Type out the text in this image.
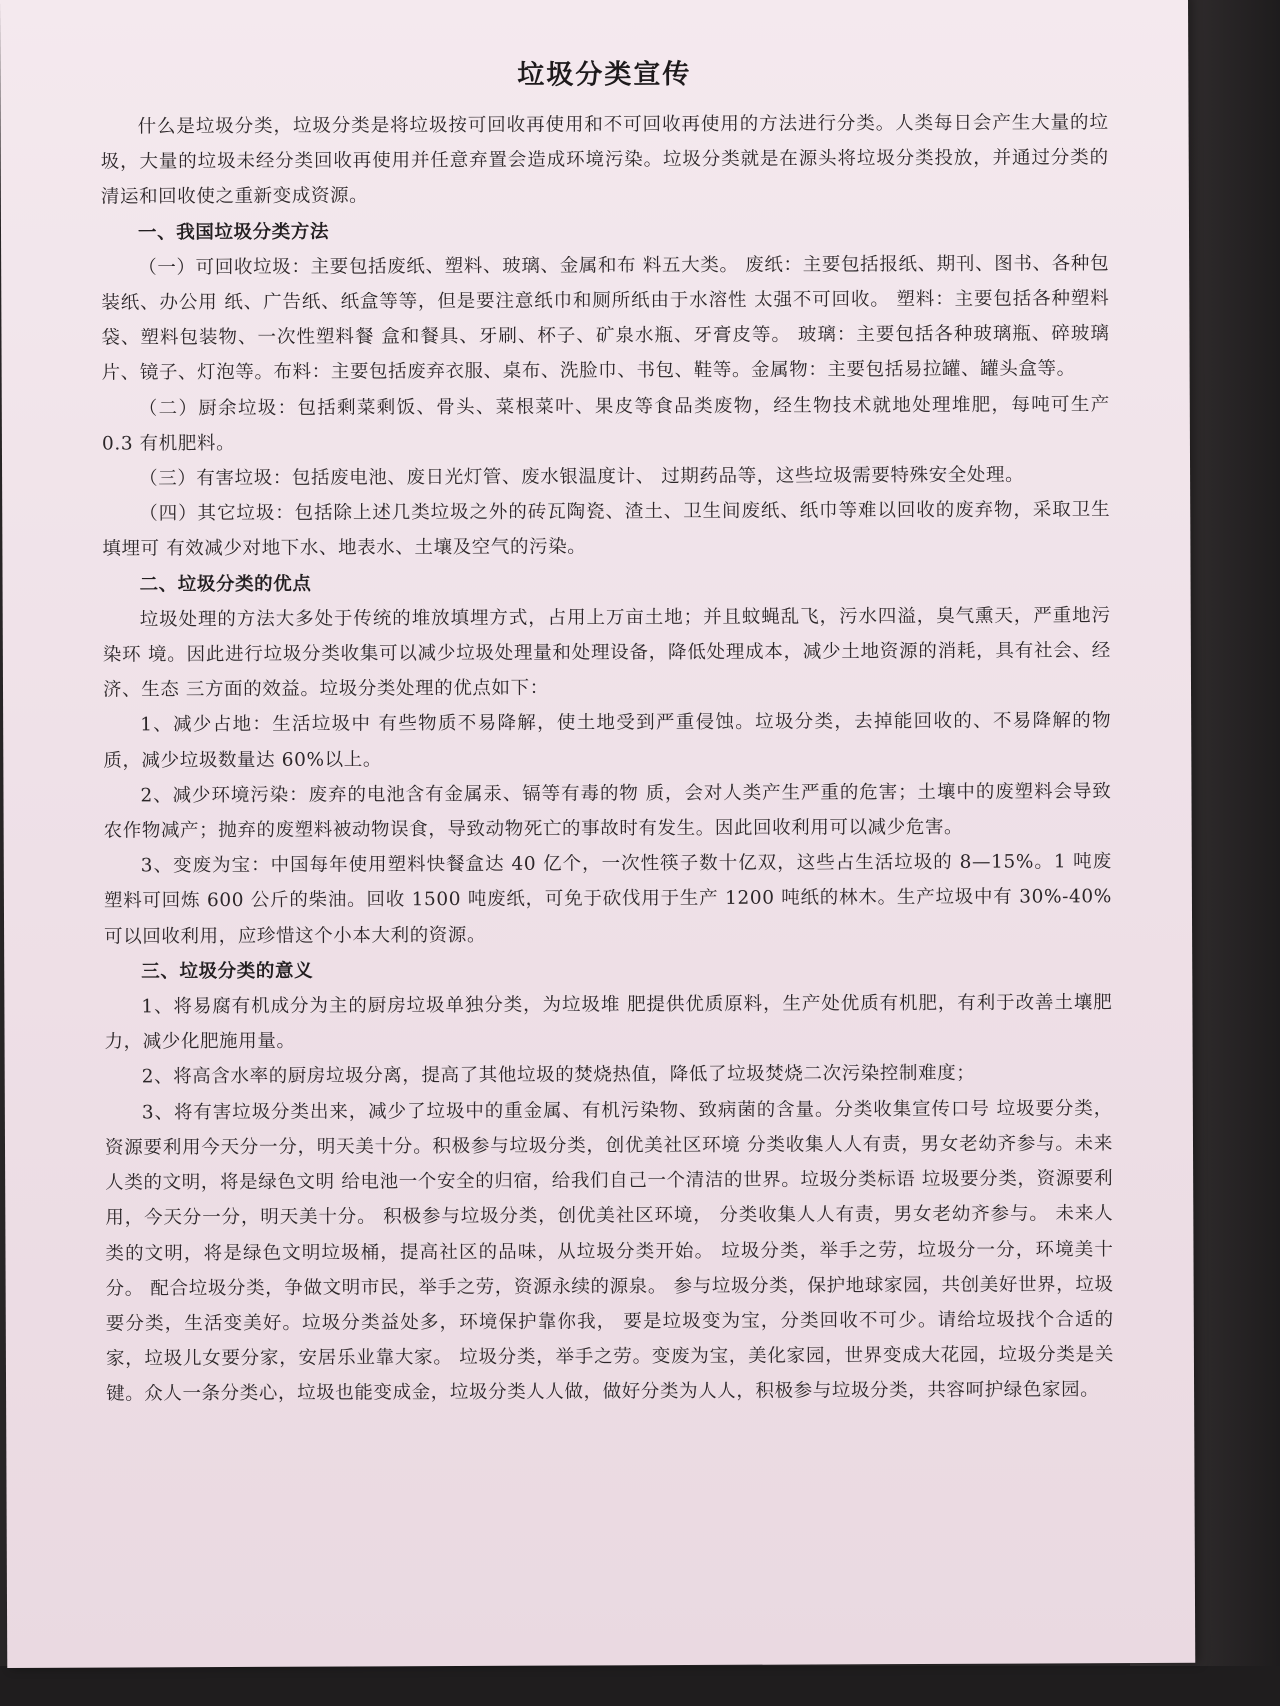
垃圾分类宣传

什么是垃圾分类，垃圾分类是将垃圾按可回收再使用和不可回收再使用的方法进行分类。人类每日会产生大量的垃圾，大量的垃圾未经分类回收再使用并任意弃置会造成环境污染。垃圾分类就是在源头将垃圾分类投放，并通过分类的清运和回收使之重新变成资源。

一、我国垃圾分类方法

（一）可回收垃圾：主要包括废纸、塑料、玻璃、金属和布 料五大类。 废纸：主要包括报纸、期刊、图书、各种包装纸、办公用 纸、广告纸、纸盒等等，但是要注意纸巾和厕所纸由于水溶性 太强不可回收。 塑料：主要包括各种塑料袋、塑料包装物、一次性塑料餐 盒和餐具、牙刷、杯子、矿泉水瓶、牙膏皮等。 玻璃：主要包括各种玻璃瓶、碎玻璃片、镜子、灯泡等。布料：主要包括废弃衣服、桌布、洗脸巾、书包、鞋等。金属物：主要包括易拉罐、罐头盒等。

（二）厨余垃圾：包括剩菜剩饭、骨头、菜根菜叶、果皮等食品类废物，经生物技术就地处理堆肥，每吨可生产 0.3 有机肥料。

（三）有害垃圾：包括废电池、废日光灯管、废水银温度计、 过期药品等，这些垃圾需要特殊安全处理。

（四）其它垃圾：包括除上述几类垃圾之外的砖瓦陶瓷、渣土、卫生间废纸、纸巾等难以回收的废弃物，采取卫生填埋可 有效减少对地下水、地表水、土壤及空气的污染。

二、垃圾分类的优点

垃圾处理的方法大多处于传统的堆放填埋方式，占用上万亩土地；并且蚊蝇乱飞，污水四溢，臭气熏天，严重地污染环 境。因此进行垃圾分类收集可以减少垃圾处理量和处理设备，降低处理成本，减少土地资源的消耗，具有社会、经济、生态 三方面的效益。垃圾分类处理的优点如下：

1、减少占地：生活垃圾中 有些物质不易降解，使土地受到严重侵蚀。垃圾分类，去掉能回收的、不易降解的物质，减少垃圾数量达 60%以上。

2、减少环境污染：废弃的电池含有金属汞、镉等有毒的物 质，会对人类产生严重的危害；土壤中的废塑料会导致农作物减产；抛弃的废塑料被动物误食，导致动物死亡的事故时有发生。因此回收利用可以减少危害。

3、变废为宝：中国每年使用塑料快餐盒达 40 亿个，一次性筷子数十亿双，这些占生活垃圾的 8—15%。1 吨废塑料可回炼 600 公斤的柴油。回收 1500 吨废纸，可免于砍伐用于生产 1200 吨纸的林木。生产垃圾中有 30%-40%可以回收利用，应珍惜这个小本大利的资源。

三、垃圾分类的意义

1、将易腐有机成分为主的厨房垃圾单独分类，为垃圾堆 肥提供优质原料，生产处优质有机肥，有利于改善土壤肥力，减少化肥施用量。

2、将高含水率的厨房垃圾分离，提高了其他垃圾的焚烧热值，降低了垃圾焚烧二次污染控制难度；

3、将有害垃圾分类出来，减少了垃圾中的重金属、有机污染物、致病菌的含量。分类收集宣传口号 垃圾要分类，资源要利用今天分一分，明天美十分。积极参与垃圾分类，创优美社区环境 分类收集人人有责，男女老幼齐参与。未来人类的文明，将是绿色文明 给电池一个安全的归宿，给我们自己一个清洁的世界。垃圾分类标语 垃圾要分类，资源要利用，今天分一分，明天美十分。 积极参与垃圾分类，创优美社区环境， 分类收集人人有责，男女老幼齐参与。 未来人类的文明，将是绿色文明垃圾桶，提高社区的品味，从垃圾分类开始。 垃圾分类，举手之劳，垃圾分一分，环境美十分。 配合垃圾分类，争做文明市民，举手之劳，资源永续的源泉。 参与垃圾分类，保护地球家园，共创美好世界，垃圾要分类，生活变美好。垃圾分类益处多，环境保护靠你我， 要是垃圾变为宝，分类回收不可少。请给垃圾找个合适的家，垃圾儿女要分家，安居乐业靠大家。 垃圾分类，举手之劳。变废为宝，美化家园，世界变成大花园，垃圾分类是关键。众人一条分类心，垃圾也能变成金，垃圾分类人人做，做好分类为人人，积极参与垃圾分类，共容呵护绿色家园。
